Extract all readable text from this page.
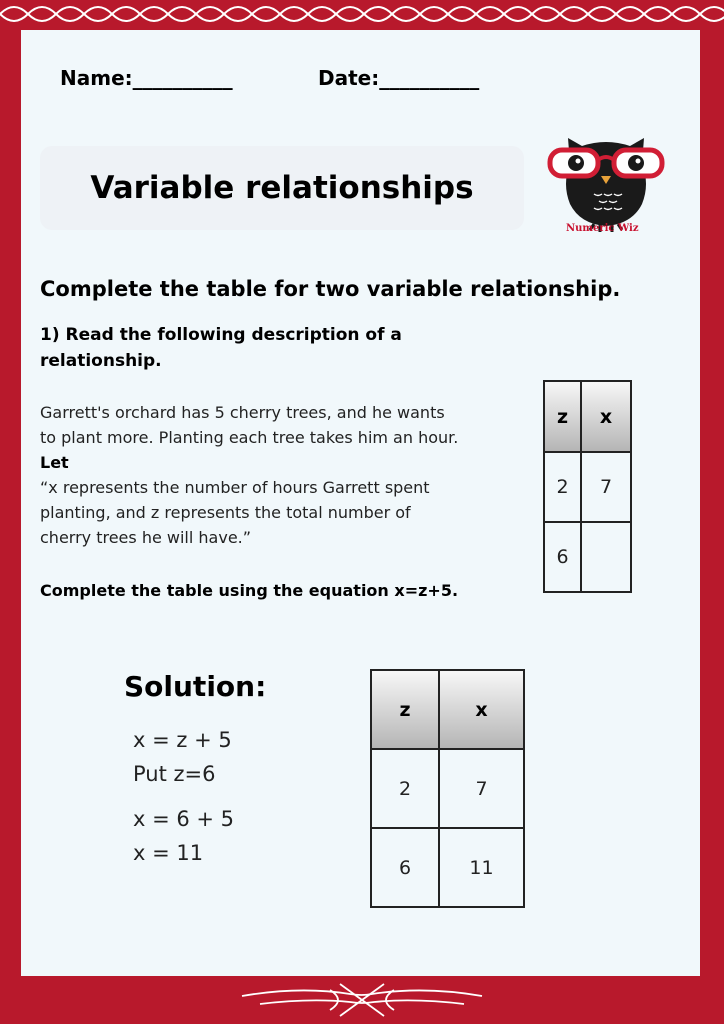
Name:__________	Date:__________
Variable relationships
Numeric Wiz
Complete the table for two variable relationship.
1) Read the following description of a relationship.
Garrett's orchard has 5 cherry trees, and he wants
to plant more. Planting each tree takes him an hour.
Let
“x represents the number of hours Garrett spent
planting, and z represents the total number of
cherry trees he will have.”
Complete the table using the equation x=z+5.
z	x
2	7
6	
Solution:
x = z + 5
Put z=6
x = 6 + 5
x = 11
z	x
2	7
6	11
